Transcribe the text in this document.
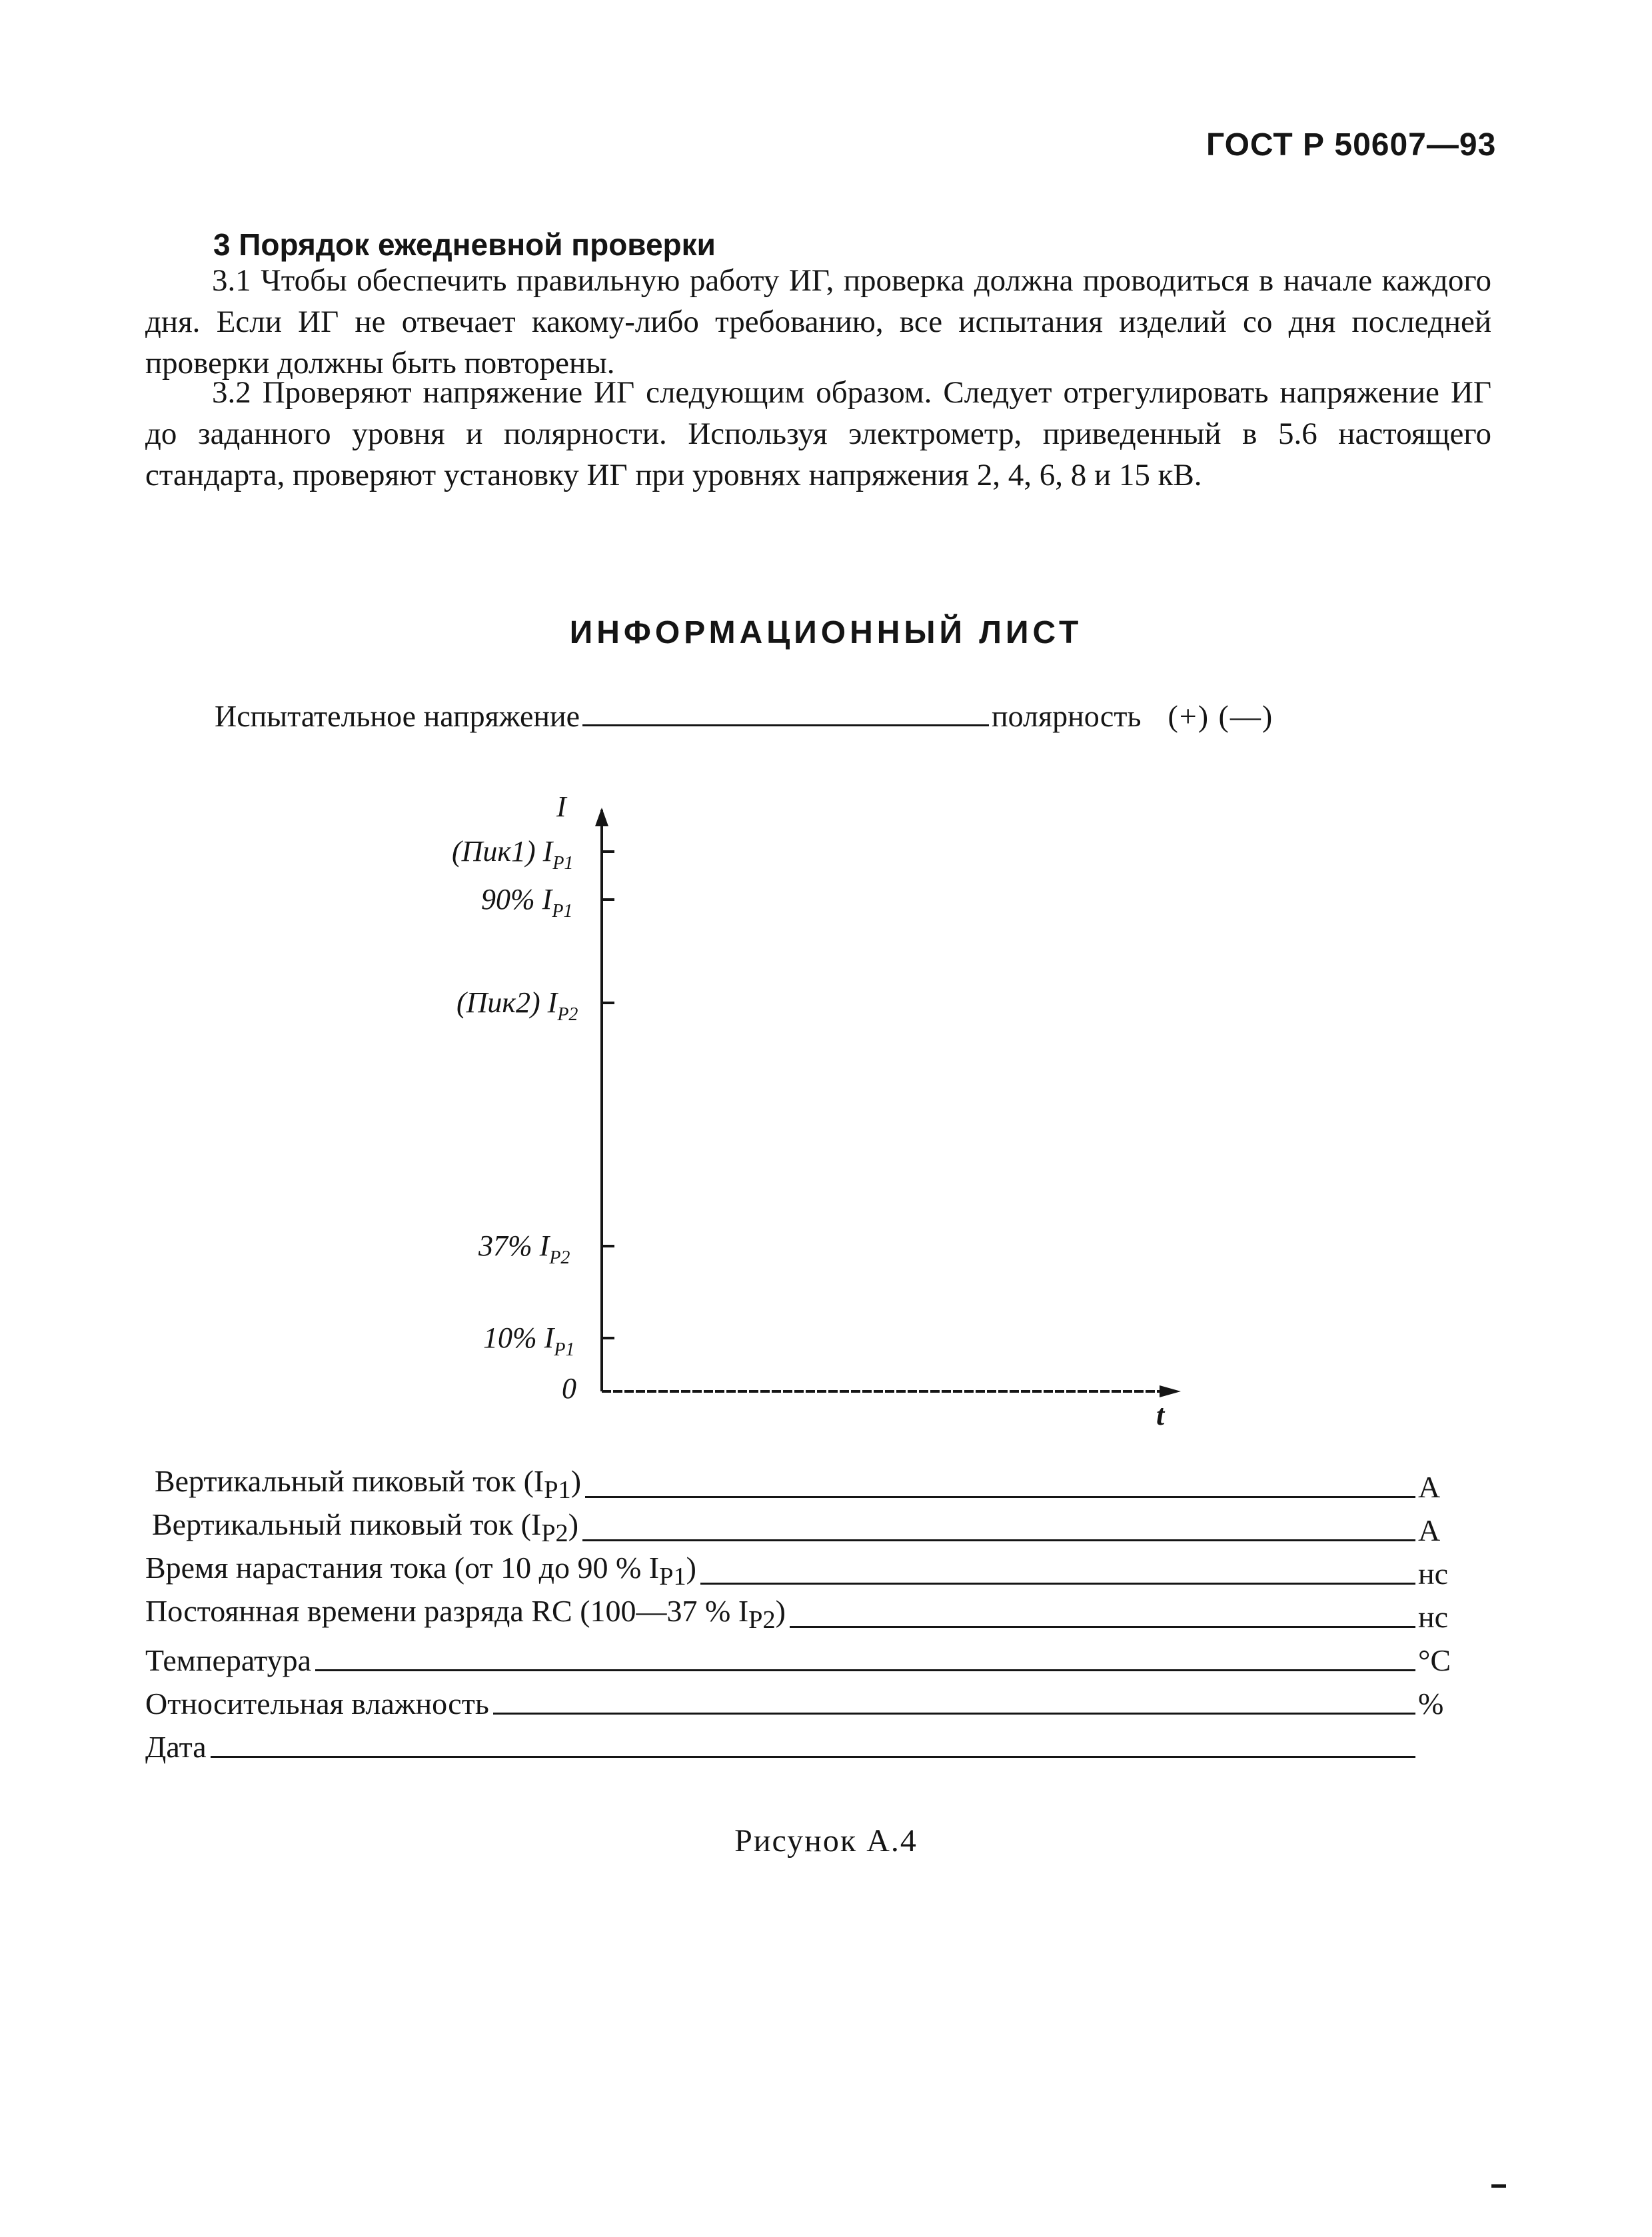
ГОСТ Р 50607—93
3 Порядок ежедневной проверки
3.1 Чтобы обеспечить правильную работу ИГ, проверка должна проводиться в начале каждого дня. Если ИГ не отвечает какому-либо требованию, все испытания изделий со дня последней проверки должны быть повторены.
3.2 Проверяют напряжение ИГ следующим образом. Следует отрегулировать напряжение ИГ до заданного уровня и полярности. Используя электрометр, приведенный в 5.6 настоящего стандарта, проверяют установку ИГ при уровнях напряжения 2, 4, 6, 8 и 15 кВ.
ИНФОРМАЦИОННЫЙ ЛИСТ
Испытательное напряжение	полярность (+) (—)
I
t
0
(Пик1) $I_{P1}$
90% $I_{P1}$
(Пик2) $I_{P2}$
37% $I_{P2}$
10% $I_{P1}$
Вертикальный пиковый ток $(I_{P1})$	А
Вертикальный пиковый ток $(I_{P2})$	А
Время нарастания тока (от 10 до 90 % $I_{P1}$)	нс
Постоянная времени разряда RC (100—37 % $I_{P2}$)	нс
Температура	°С
Относительная влажность	%
Дата
Рисунок А.4
